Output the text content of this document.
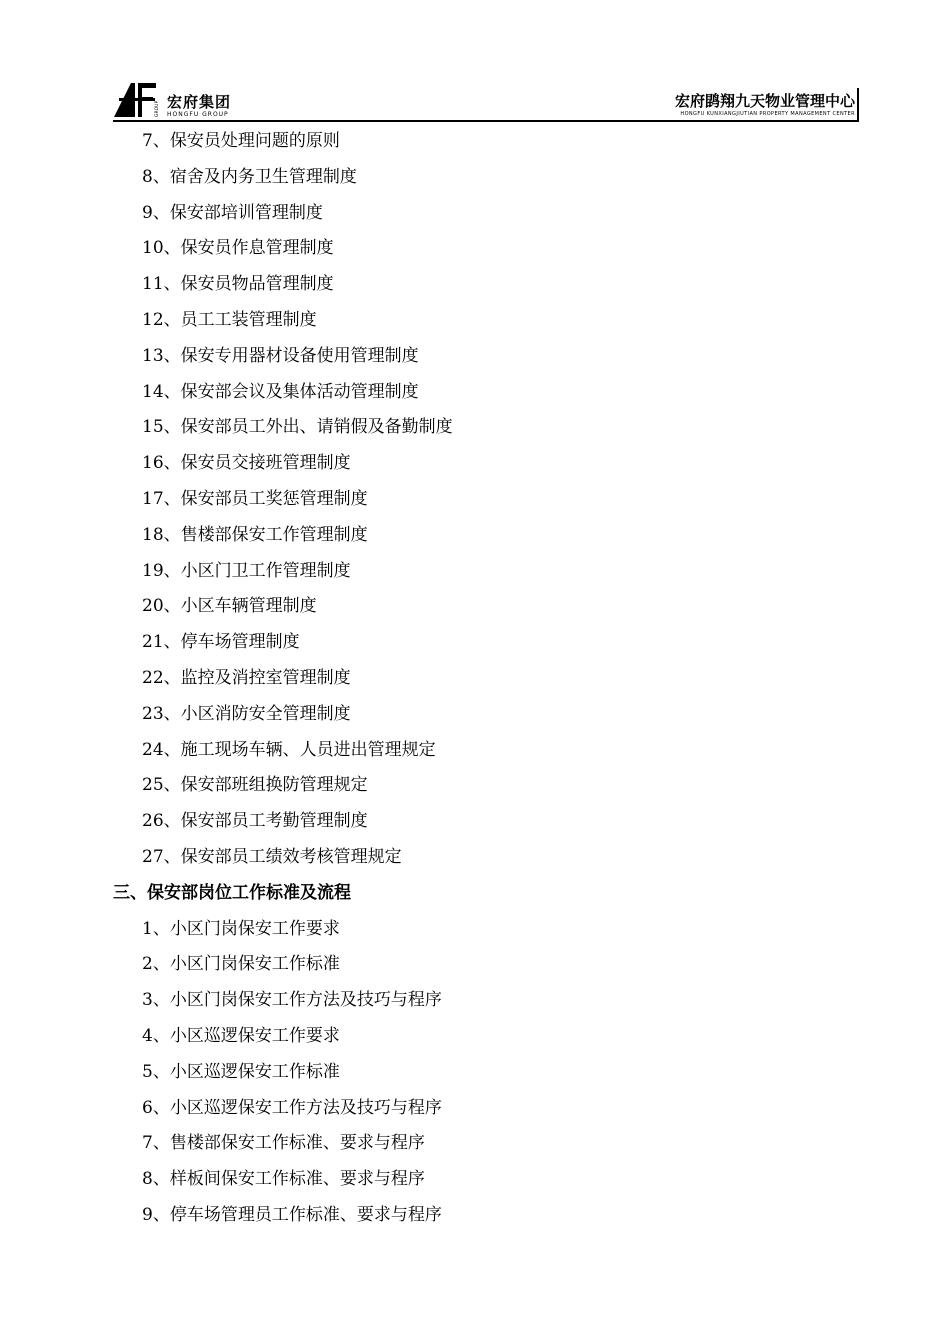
GROUP 宏府集团
HONGFU GROUP
宏府鹍翔九天物业管理中心
HONGFU KUNXIANGJIUTIAN PROPERTY MANAGEMENT CENTER
7、保安员处理问题的原则
8、宿舍及内务卫生管理制度
9、保安部培训管理制度
10、保安员作息管理制度
11、保安员物品管理制度
12、员工工装管理制度
13、保安专用器材设备使用管理制度
14、保安部会议及集体活动管理制度
15、保安部员工外出、请销假及备勤制度
16、保安员交接班管理制度
17、保安部员工奖惩管理制度
18、售楼部保安工作管理制度
19、小区门卫工作管理制度
20、小区车辆管理制度
21、停车场管理制度
22、监控及消控室管理制度
23、小区消防安全管理制度
24、施工现场车辆、人员进出管理规定
25、保安部班组换防管理规定
26、保安部员工考勤管理制度
27、保安部员工绩效考核管理规定
三、保安部岗位工作标准及流程
1、小区门岗保安工作要求
2、小区门岗保安工作标准
3、小区门岗保安工作方法及技巧与程序
4、小区巡逻保安工作要求
5、小区巡逻保安工作标准
6、小区巡逻保安工作方法及技巧与程序
7、售楼部保安工作标准、要求与程序
8、样板间保安工作标准、要求与程序
9、停车场管理员工作标准、要求与程序
